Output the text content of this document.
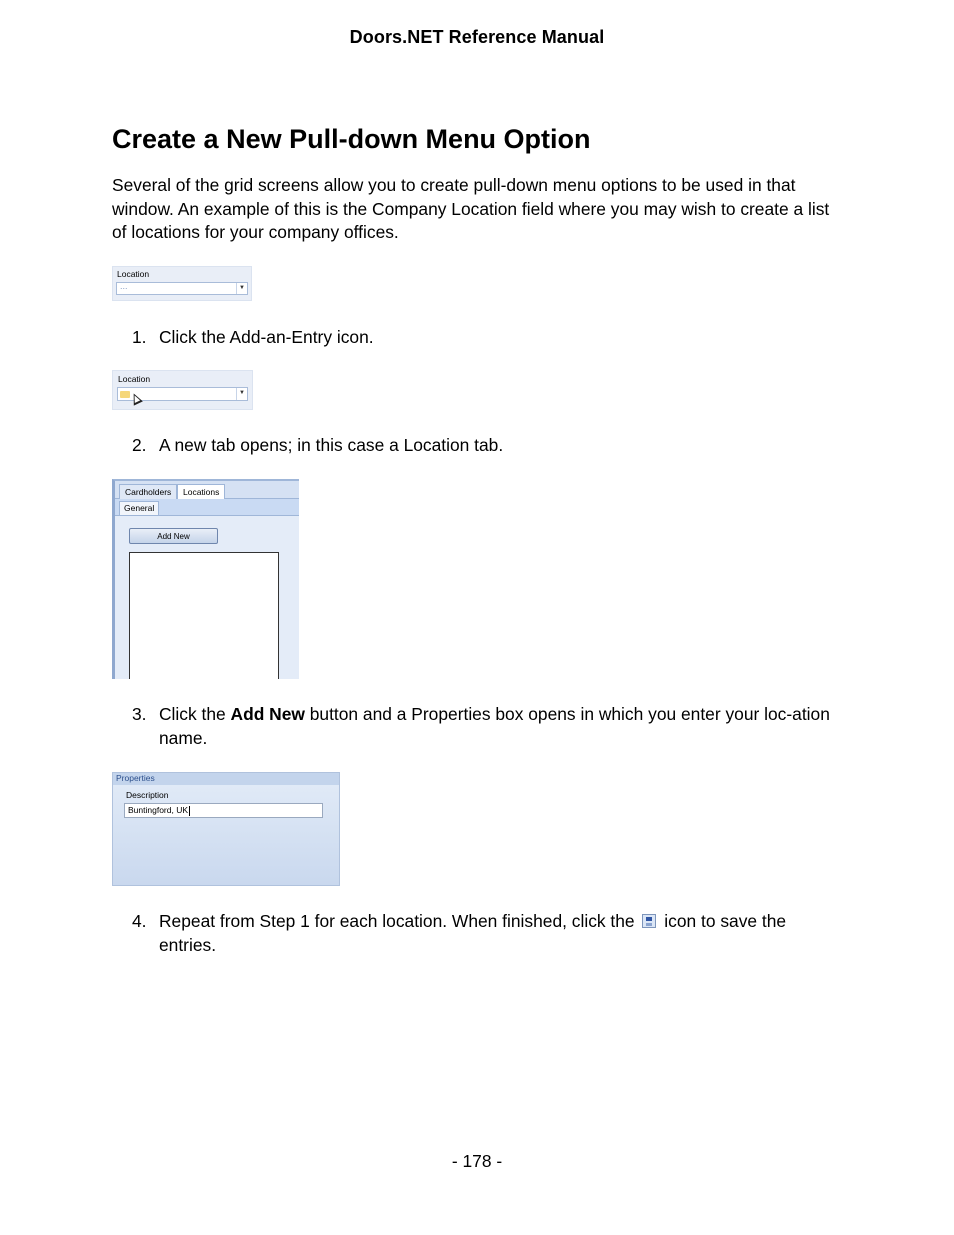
Doors.NET Reference Manual
Create a New Pull-down Menu Option

Several of the grid screens allow you to create pull-down menu options to be used in that window. An example of this is the Company Location field where you may wish to create a list of locations for your company offices.

Location
...	▼
1. Click the Add-an-Entry icon.
Location
▼
2. A new tab opens; in this case a Location tab.
Cardholders	Locations
General
Add New
3. Click the Add New button and a Properties box opens in which you enter your loc-ation name.
Properties
Description
Buntingford, UK
4. Repeat from Step 1 for each location. When finished, click the icon to save the entries.
- 178 -
